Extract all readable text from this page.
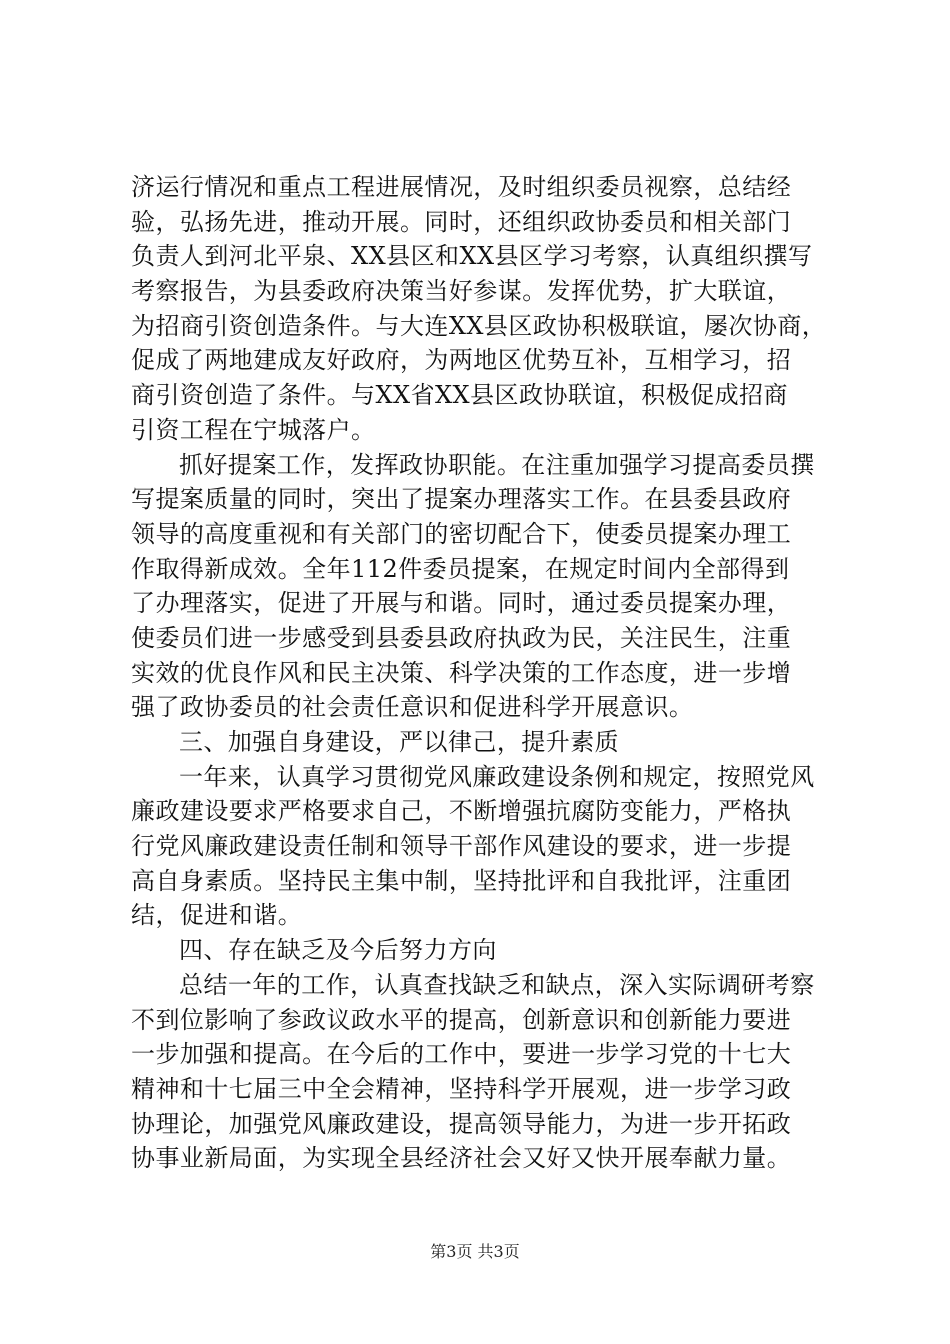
济运行情况和重点工程进展情况，及时组织委员视察，总结经
验，弘扬先进，推动开展。同时，还组织政协委员和相关部门
负责人到河北平泉、XX县区和XX县区学习考察，认真组织撰写
考察报告，为县委政府决策当好参谋。发挥优势，扩大联谊，
为招商引资创造条件。与大连XX县区政协积极联谊，屡次协商，
促成了两地建成友好政府，为两地区优势互补，互相学习，招
商引资创造了条件。与XX省XX县区政协联谊，积极促成招商
引资工程在宁城落户。
抓好提案工作，发挥政协职能。在注重加强学习提高委员撰
写提案质量的同时，突出了提案办理落实工作。在县委县政府
领导的高度重视和有关部门的密切配合下，使委员提案办理工
作取得新成效。全年112件委员提案，在规定时间内全部得到
了办理落实，促进了开展与和谐。同时，通过委员提案办理，
使委员们进一步感受到县委县政府执政为民，关注民生，注重
实效的优良作风和民主决策、科学决策的工作态度，进一步增
强了政协委员的社会责任意识和促进科学开展意识。
三、加强自身建设，严以律己，提升素质
一年来，认真学习贯彻党风廉政建设条例和规定，按照党风
廉政建设要求严格要求自己，不断增强抗腐防变能力，严格执
行党风廉政建设责任制和领导干部作风建设的要求，进一步提
高自身素质。坚持民主集中制，坚持批评和自我批评，注重团
结，促进和谐。
四、存在缺乏及今后努力方向
总结一年的工作，认真查找缺乏和缺点，深入实际调研考察
不到位影响了参政议政水平的提高，创新意识和创新能力要进
一步加强和提高。在今后的工作中，要进一步学习党的十七大
精神和十七届三中全会精神，坚持科学开展观，进一步学习政
协理论，加强党风廉政建设，提高领导能力，为进一步开拓政
协事业新局面，为实现全县经济社会又好又快开展奉献力量。
第3页 共3页
